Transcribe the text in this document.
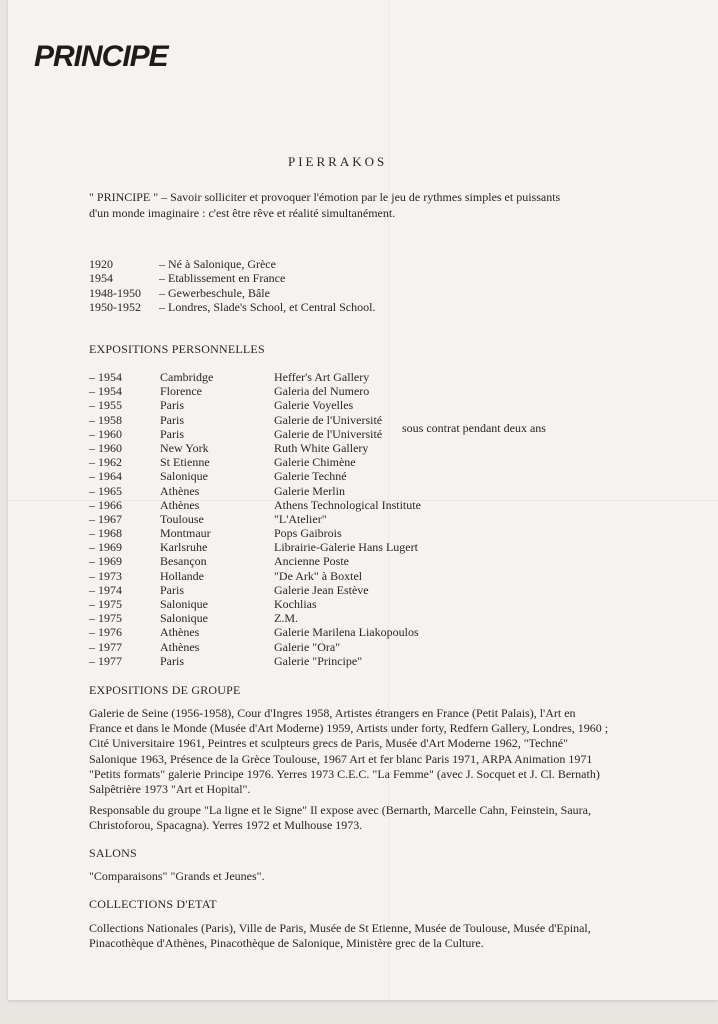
PRINCIPE
PIERRAKOS
" PRINCIPE " – Savoir solliciter et provoquer l'émotion par le jeu de rythmes simples et puissants d'un monde imaginaire : c'est être rêve et réalité simultanément.
1920	– Né à Salonique, Grèce
1954	– Etablissement en France
1948-1950 – Gewerbeschule, Bâle
1950-1952 – Londres, Slade's School, et Central School.
EXPOSITIONS PERSONNELLES
– 1954	Cambridge	Heffer's Art Gallery
– 1954	Florence	Galeria del Numero
– 1955	Paris	Galerie Voyelles
– 1958	Paris	Galerie de l'Université
– 1960	Paris	Galerie de l'Université
– 1960	New York	Ruth White Gallery
– 1962	St Etienne	Galerie Chimène
– 1964	Salonique	Galerie Techné
– 1965	Athènes	Galerie Merlin
– 1966	Athènes	Athens Technological Institute
– 1967	Toulouse	"L'Atelier"
– 1968	Montmaur	Pops Gaibrois
– 1969	Karlsruhe	Librairie-Galerie Hans Lugert
– 1969	Besançon	Ancienne Poste
– 1973	Hollande	"De Ark" à Boxtel
– 1974	Paris	Galerie Jean Estève
– 1975	Salonique	Kochlias
– 1975	Salonique	Z.M.
– 1976	Athènes	Galerie Marilena Liakopoulos
– 1977	Athènes	Galerie "Ora"
– 1977	Paris	Galerie "Principe"
sous contrat pendant deux ans
EXPOSITIONS DE GROUPE
Galerie de Seine (1956-1958), Cour d'Ingres 1958, Artistes étrangers en France (Petit Palais), l'Art en France et dans le Monde (Musée d'Art Moderne) 1959, Artists under forty, Redfern Gallery, Londres, 1960 ; Cité Universitaire 1961, Peintres et sculpteurs grecs de Paris, Musée d'Art Moderne 1962, "Techné" Salonique 1963, Présence de la Grèce Toulouse, 1967 Art et fer blanc Paris 1971, ARPA Animation 1971 "Petits formats" galerie Principe 1976. Yerres 1973 C.E.C. "La Femme" (avec J. Socquet et J. Cl. Bernath) Salpêtrière 1973 "Art et Hopital".
Responsable du groupe "La ligne et le Signe" Il expose avec (Bernarth, Marcelle Cahn, Feinstein, Saura, Christoforou, Spacagna). Yerres 1972 et Mulhouse 1973.
SALONS
"Comparaisons" "Grands et Jeunes".
COLLECTIONS D'ETAT
Collections Nationales (Paris), Ville de Paris, Musée de St Etienne, Musée de Toulouse, Musée d'Epinal, Pinacothèque d'Athènes, Pinacothèque de Salonique, Ministère grec de la Culture.
